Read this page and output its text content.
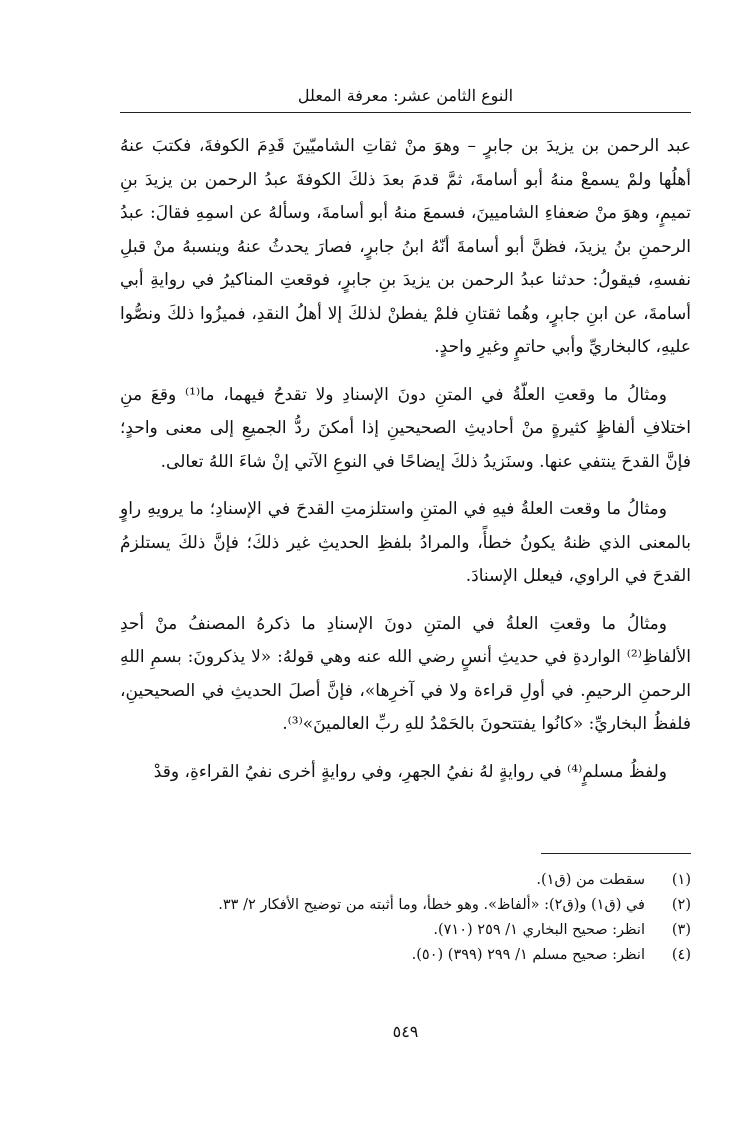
النوع الثامن عشر: معرفة المعلل

عبد الرحمن بن يزيدَ بن جابرٍ – وهوَ منْ ثقاتِ الشاميّينَ قَدِمَ الكوفةَ، فكتبَ عنهُ أهلُها ولمْ يسمعْ منهُ أبو أسامةَ، ثمَّ قدمَ بعدَ ذلكَ الكوفةَ عبدُ الرحمن بن يزيدَ بنِ تميمٍ، وهوَ منْ ضعفاءِ الشاميينَ، فسمعَ منهُ أبو أسامةَ، وسألهُ عن اسمِهِ فقالَ: عبدُ الرحمنِ بنُ يزيدَ، فظنَّ أبو أسامةَ أنّهُ ابنُ جابرٍ، فصارَ يحدثُ عنهُ وينسبهُ منْ قبلِ نفسهِ، فيقولُ: حدثنا عبدُ الرحمن بن يزيدَ بنِ جابرٍ، فوقعتِ المناكيرُ في روايةِ أبي أسامةَ، عن ابنِ جابرٍ، وهُما ثقتانِ فلمْ يفطنْ لذلكَ إلا أهلُ النقدِ، فميزُوا ذلكَ ونصُّوا عليهِ، كالبخاريِّ وأبي حاتمٍ وغيرِ واحدٍ.

ومثالُ ما وقعتِ العلّةُ في المتنِ دونَ الإسنادِ ولا تقدحُ فيهما، ما⁽¹⁾ وقعَ منِ اختلافِ ألفاظٍ كثيرةٍ منْ أحاديثِ الصحيحينِ إذا أمكنَ ردُّ الجميعِ إلى معنى واحدٍ؛ فإنَّ القدحَ ينتفي عنها. وسنَزيدُ ذلكَ إيضاحًا في النوعِ الآتي إنْ شاءَ اللهُ تعالى.

ومثالُ ما وقعت العلةُ فيهِ في المتنِ واستلزمتِ القدحَ في الإسنادِ؛ ما يرويهِ راوٍ بالمعنى الذي ظنهُ يكونُ خطأً، والمرادُ بلفظِ الحديثِ غير ذلكَ؛ فإنَّ ذلكَ يستلزمُ القدحَ في الراوي، فيعلل الإسنادَ.

ومثالُ ما وقعتِ العلةُ في المتنِ دونَ الإسنادِ ما ذكرهُ المصنفُ منْ أحدِ الألفاظِ⁽²⁾ الواردةِ في حديثِ أنسٍ رضي الله عنه وهي قولهُ: «لا يذكرونَ: بسمِ اللهِ الرحمنِ الرحيمِ. في أولِ قراءة ولا في آخرِها»، فإنَّ أصلَ الحديثِ في الصحيحينِ، فلفظُ البخاريِّ: «كانُوا يفتتحونَ بالحَمْدُ للهِ ربِّ العالمينَ»⁽³⁾.

ولفظُ مسلمٍ⁽⁴⁾ في روايةٍ لهُ نفيُ الجهرِ، وفي روايةٍ أخرى نفيُ القراءةِ، وقدْ

(١)
سقطت من (ق١).
(٢)
في (ق١) و(ق٢): «ألفاظ». وهو خطأ، وما أثبته من توضيح الأفكار ٢/ ٣٣.
(٣)
انظر: صحيح البخاري ١/ ٢٥٩ (٧١٠).
(٤)
انظر: صحيح مسلم ١/ ٢٩٩ (٣٩٩) (٥٠).
٥٤٩
